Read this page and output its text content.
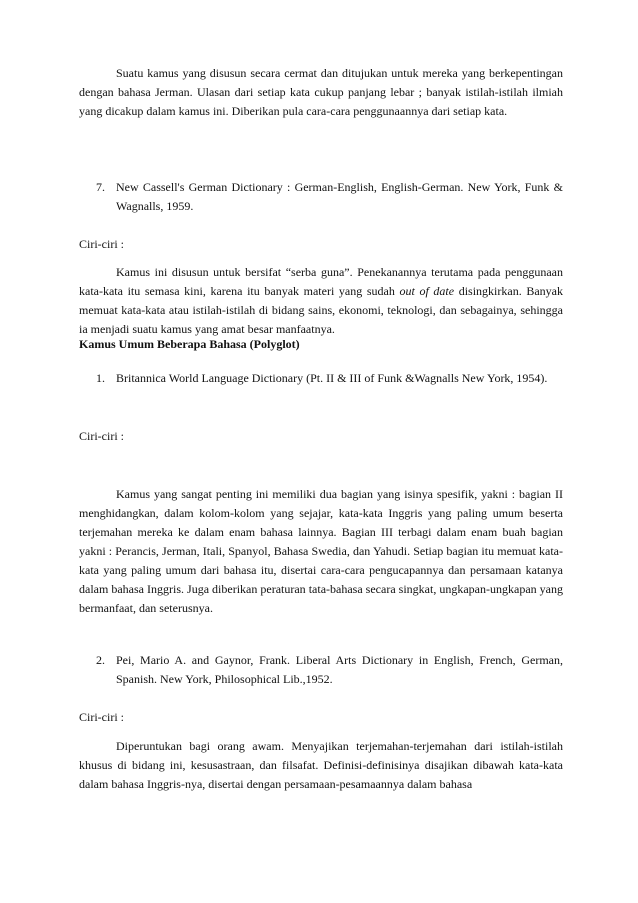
Suatu kamus yang disusun secara cermat dan ditujukan untuk mereka yang berkepentingan dengan bahasa Jerman. Ulasan dari setiap kata cukup panjang lebar ; banyak istilah-istilah ilmiah yang dicakup dalam kamus ini. Diberikan pula cara-cara penggunaannya dari setiap kata.

7. New Cassell's German Dictionary : German-English, English-German. New York, Funk & Wagnalls, 1959.

Ciri-ciri :

Kamus ini disusun untuk bersifat “serba guna”. Penekanannya terutama pada penggunaan kata-kata itu semasa kini, karena itu banyak materi yang sudah out of date disingkirkan. Banyak memuat kata-kata atau istilah-istilah di bidang sains, ekonomi, teknologi, dan sebagainya, sehingga ia menjadi suatu kamus yang amat besar manfaatnya.

Kamus Umum Beberapa Bahasa (Polyglot)

1. Britannica World Language Dictionary (Pt. II & III of Funk &Wagnalls New York, 1954).

Ciri-ciri :

Kamus yang sangat penting ini memiliki dua bagian yang isinya spesifik, yakni : bagian II menghidangkan, dalam kolom-kolom yang sejajar, kata-kata Inggris yang paling umum beserta terjemahan mereka ke dalam enam bahasa lainnya. Bagian III terbagi dalam enam buah bagian yakni : Perancis, Jerman, Itali, Spanyol, Bahasa Swedia, dan Yahudi. Setiap bagian itu memuat kata-kata yang paling umum dari bahasa itu, disertai cara-cara pengucapannya dan persamaan katanya dalam bahasa Inggris. Juga diberikan peraturan tata-bahasa secara singkat, ungkapan-ungkapan yang bermanfaat, dan seterusnya.

2. Pei, Mario A. and Gaynor, Frank. Liberal Arts Dictionary in English, French, German, Spanish. New York, Philosophical Lib.,1952.

Ciri-ciri :

Diperuntukan bagi orang awam. Menyajikan terjemahan-terjemahan dari istilah-istilah khusus di bidang ini, kesusastraan, dan filsafat. Definisi-definisinya disajikan dibawah kata-kata dalam bahasa Inggris-nya, disertai dengan persamaan-pesamaannya dalam bahasa
